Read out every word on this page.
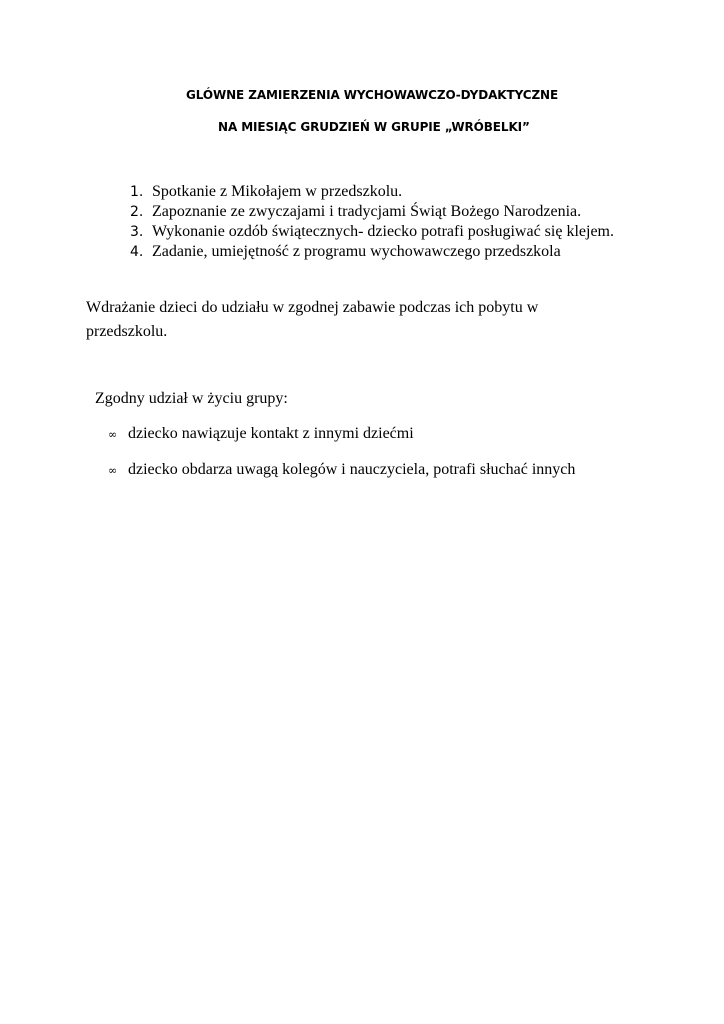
GLÓWNE ZAMIERZENIA WYCHOWAWCZO-DYDAKTYCZNE
NA MIESIĄC GRUDZIEŃ W GRUPIE „WRÓBELKI”
1. Spotkanie z Mikołajem w przedszkolu.
2. Zapoznanie ze zwyczajami i tradycjami Świąt Bożego Narodzenia.
3. Wykonanie ozdób świątecznych- dziecko potrafi posługiwać się klejem.
4. Zadanie, umiejętność z programu wychowawczego przedszkola

Wdrażanie dzieci do udziału w zgodnej zabawie podczas ich pobytu w przedszkolu.

Zgodny udział w życiu grupy:

∞ dziecko nawiązuje kontakt z innymi dziećmi
∞ dziecko obdarza uwagą kolegów i nauczyciela, potrafi słuchać innych
